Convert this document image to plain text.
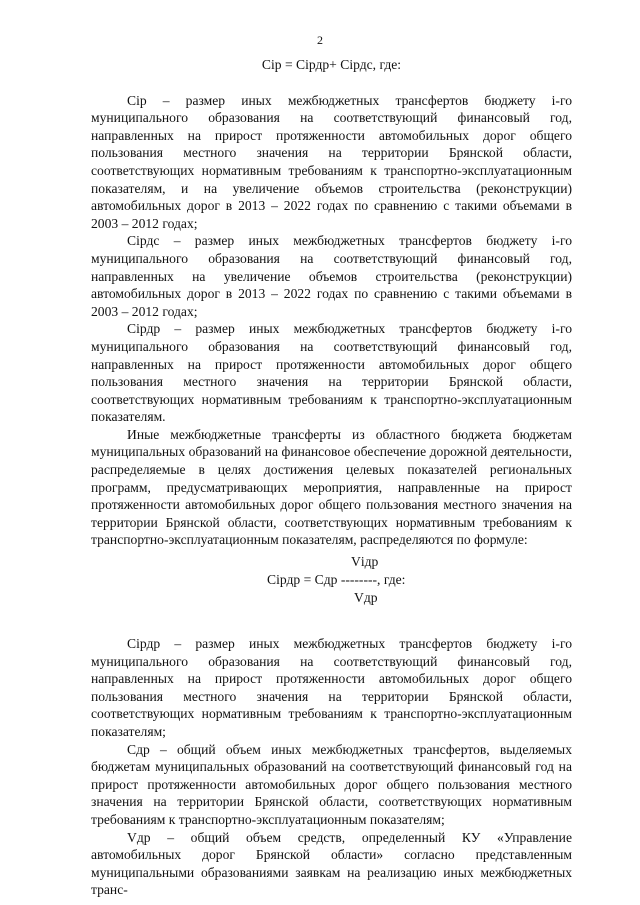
2
Cip = Ciрдр+ Ciрдс, где:

Cip – размер иных межбюджетных трансфертов бюджету i-го муниципального образования на соответствующий финансовый год, направленных на прирост протяженности автомобильных дорог общего пользования местного значения на территории Брянской области, соответствующих нормативным требованиям к транспортно-эксплуатационным показателям, и на увеличение объемов строительства (реконструкции) автомобильных дорог в 2013 – 2022 годах по сравнению с такими объемами в 2003 – 2012 годах;

Ciрдс – размер иных межбюджетных трансфертов бюджету i-го муниципального образования на соответствующий финансовый год, направленных на увеличение объемов строительства (реконструкции) автомобильных дорог в 2013 – 2022 годах по сравнению с такими объемами в 2003 – 2012 годах;

Ciрдр – размер иных межбюджетных трансфертов бюджету i-го муниципального образования на соответствующий финансовый год, направленных на прирост протяженности автомобильных дорог общего пользования местного значения на территории Брянской области, соответствующих нормативным требованиям к транспортно-эксплуатационным показателям.

Иные межбюджетные трансферты из областного бюджета бюджетам муниципальных образований на финансовое обеспечение дорожной деятельности, распределяемые в целях достижения целевых показателей региональных программ, предусматривающих мероприятия, направленные на прирост протяженности автомобильных дорог общего пользования местного значения на территории Брянской области, соответствующих нормативным требованиям к транспортно-эксплуатационным показателям, распределяются по формуле:

Vідр
Ciрдр = Cдр --------, где:
Vдр

Ciрдр – размер иных межбюджетных трансфертов бюджету i-го муниципального образования на соответствующий финансовый год, направленных на прирост протяженности автомобильных дорог общего пользования местного значения на территории Брянской области, соответствующих нормативным требованиям к транспортно-эксплуатационным показателям;

Cдр – общий объем иных межбюджетных трансфертов, выделяемых бюджетам муниципальных образований на соответствующий финансовый год на прирост протяженности автомобильных дорог общего пользования местного значения на территории Брянской области, соответствующих нормативным требованиям к транспортно-эксплуатационным показателям;

Vдр – общий объем средств, определенный КУ «Управление автомобильных дорог Брянской области» согласно представленным муниципальными образованиями заявкам на реализацию иных межбюджетных транс-
